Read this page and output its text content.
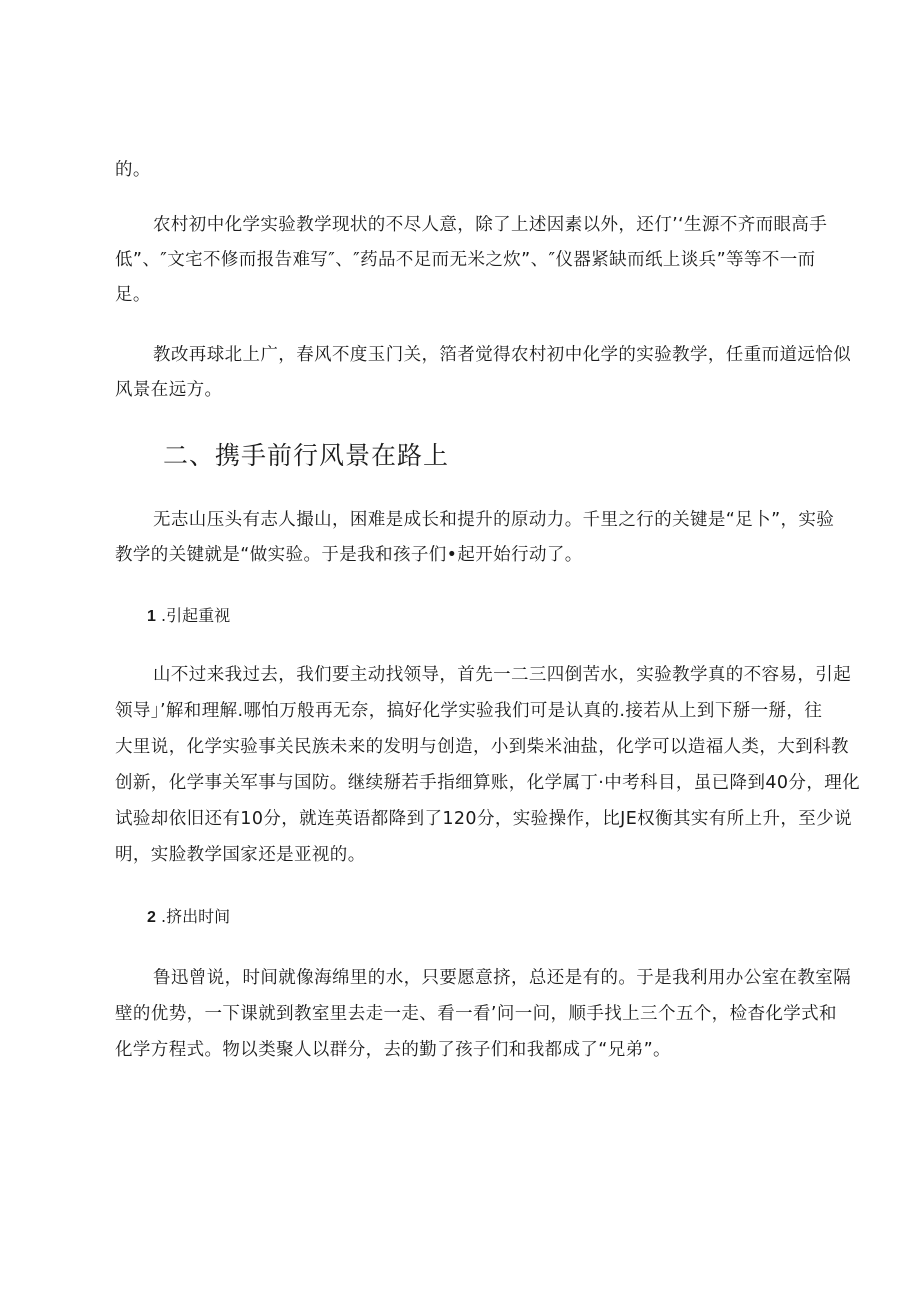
的。
农村初中化学实验教学现状的不尽人意，除了上述因素以外，还仃’‘生源不齐而眼高手
低”、″文宅不修而报告难写″、″药品不足而无米之炊”、″仪器紧缺而纸上谈兵”等等不一而
足。
教改再球北上广，春风不度玉门关，箔者觉得农村初中化学的实验教学，任重而道远恰似
风景在远方。
二、携手前行风景在路上
无志山压头有志人撮山，困难是成长和提升的原动力。千里之行的关键是“足卜”，实验
教学的关键就是“做实验。于是我和孩子们•起开始行动了。
1 .引起重视
山不过来我过去，我们要主动找领导，首先一二三四倒苦水，实验教学真的不容易，引起
领导」’解和理解.哪怕万般再无奈，搞好化学实验我们可是认真的.接若从上到下掰一掰，往
大里说，化学实验事关民族未来的发明与创造，小到柴米油盐，化学可以造福人类，大到科教
创新，化学事关军事与国防。继续掰若手指细算账，化学属丁·中考科目，虽已降到40分，理化
试验却依旧还有10分，就连英语都降到了120分，实验操作，比JE权衡其实有所上升，至少说
明，实脸教学国家还是亚视的。
2 .挤出时间
鲁迅曾说，时间就像海绵里的水，只要愿意挤，总还是有的。于是我利用办公室在教室隔
壁的优势，一下课就到教室里去走一走、看一看’问一问，顺手找上三个五个，检杳化学式和
化学方程式。物以类聚人以群分，去的勤了孩子们和我都成了“兄弟”。
